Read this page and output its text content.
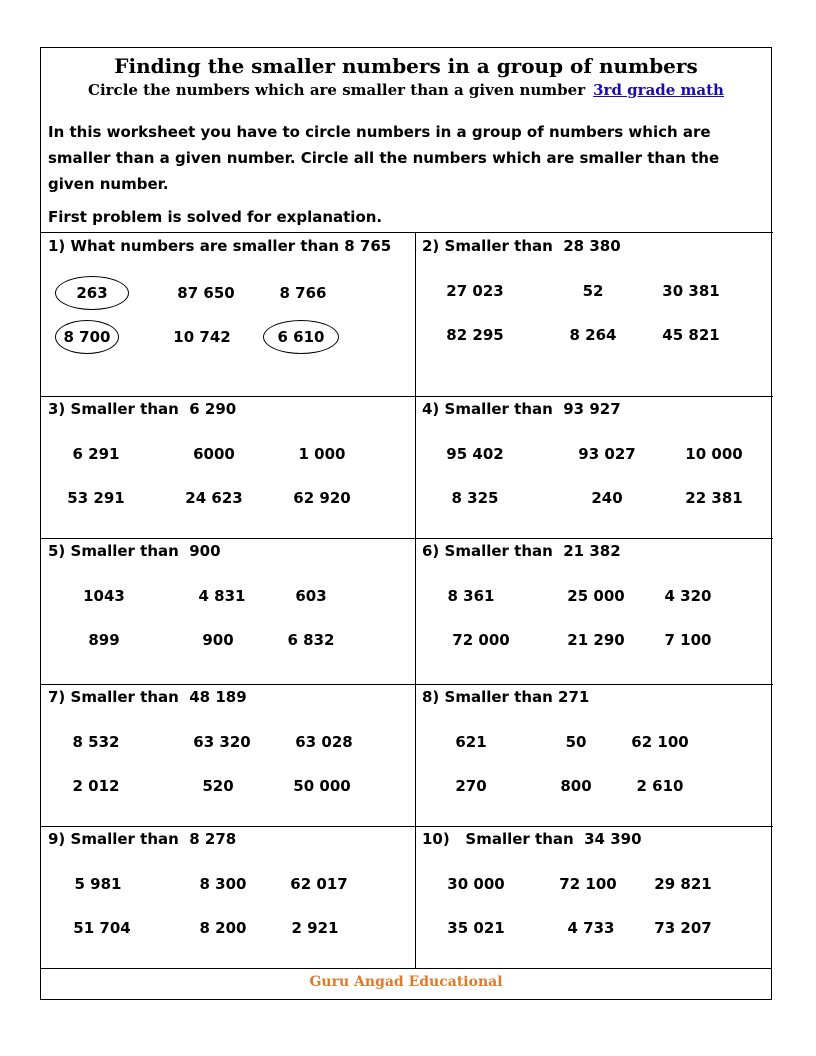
Finding the smaller numbers in a group of numbers
Circle the numbers which are smaller than a given number 3rd grade math
In this worksheet you have to circle numbers in a group of numbers which are smaller than a given number. Circle all the numbers which are smaller than the given number.
First problem is solved for explanation.
1) What numbers are smaller than 8 765
263	87 650	8 766
8 700	10 742	6 610
2) Smaller than  28 380
27 023	52	30 381
82 295	8 264	45 821
3) Smaller than  6 290
6 291	6000	1 000
53 291	24 623	62 920
4) Smaller than  93 927
95 402	93 027	10 000
8 325	240	22 381
5) Smaller than  900
1043	4 831	603
899	900	6 832
6) Smaller than  21 382
8 361	25 000	4 320
72 000	21 290	7 100
7) Smaller than  48 189
8 532	63 320	63 028
2 012	520	50 000
8) Smaller than 271
621	50	62 100
270	800	2 610
9) Smaller than  8 278
5 981	8 300	62 017
51 704	8 200	2 921
10)   Smaller than  34 390
30 000	72 100	29 821
35 021	4 733	73 207
Guru Angad Educational
